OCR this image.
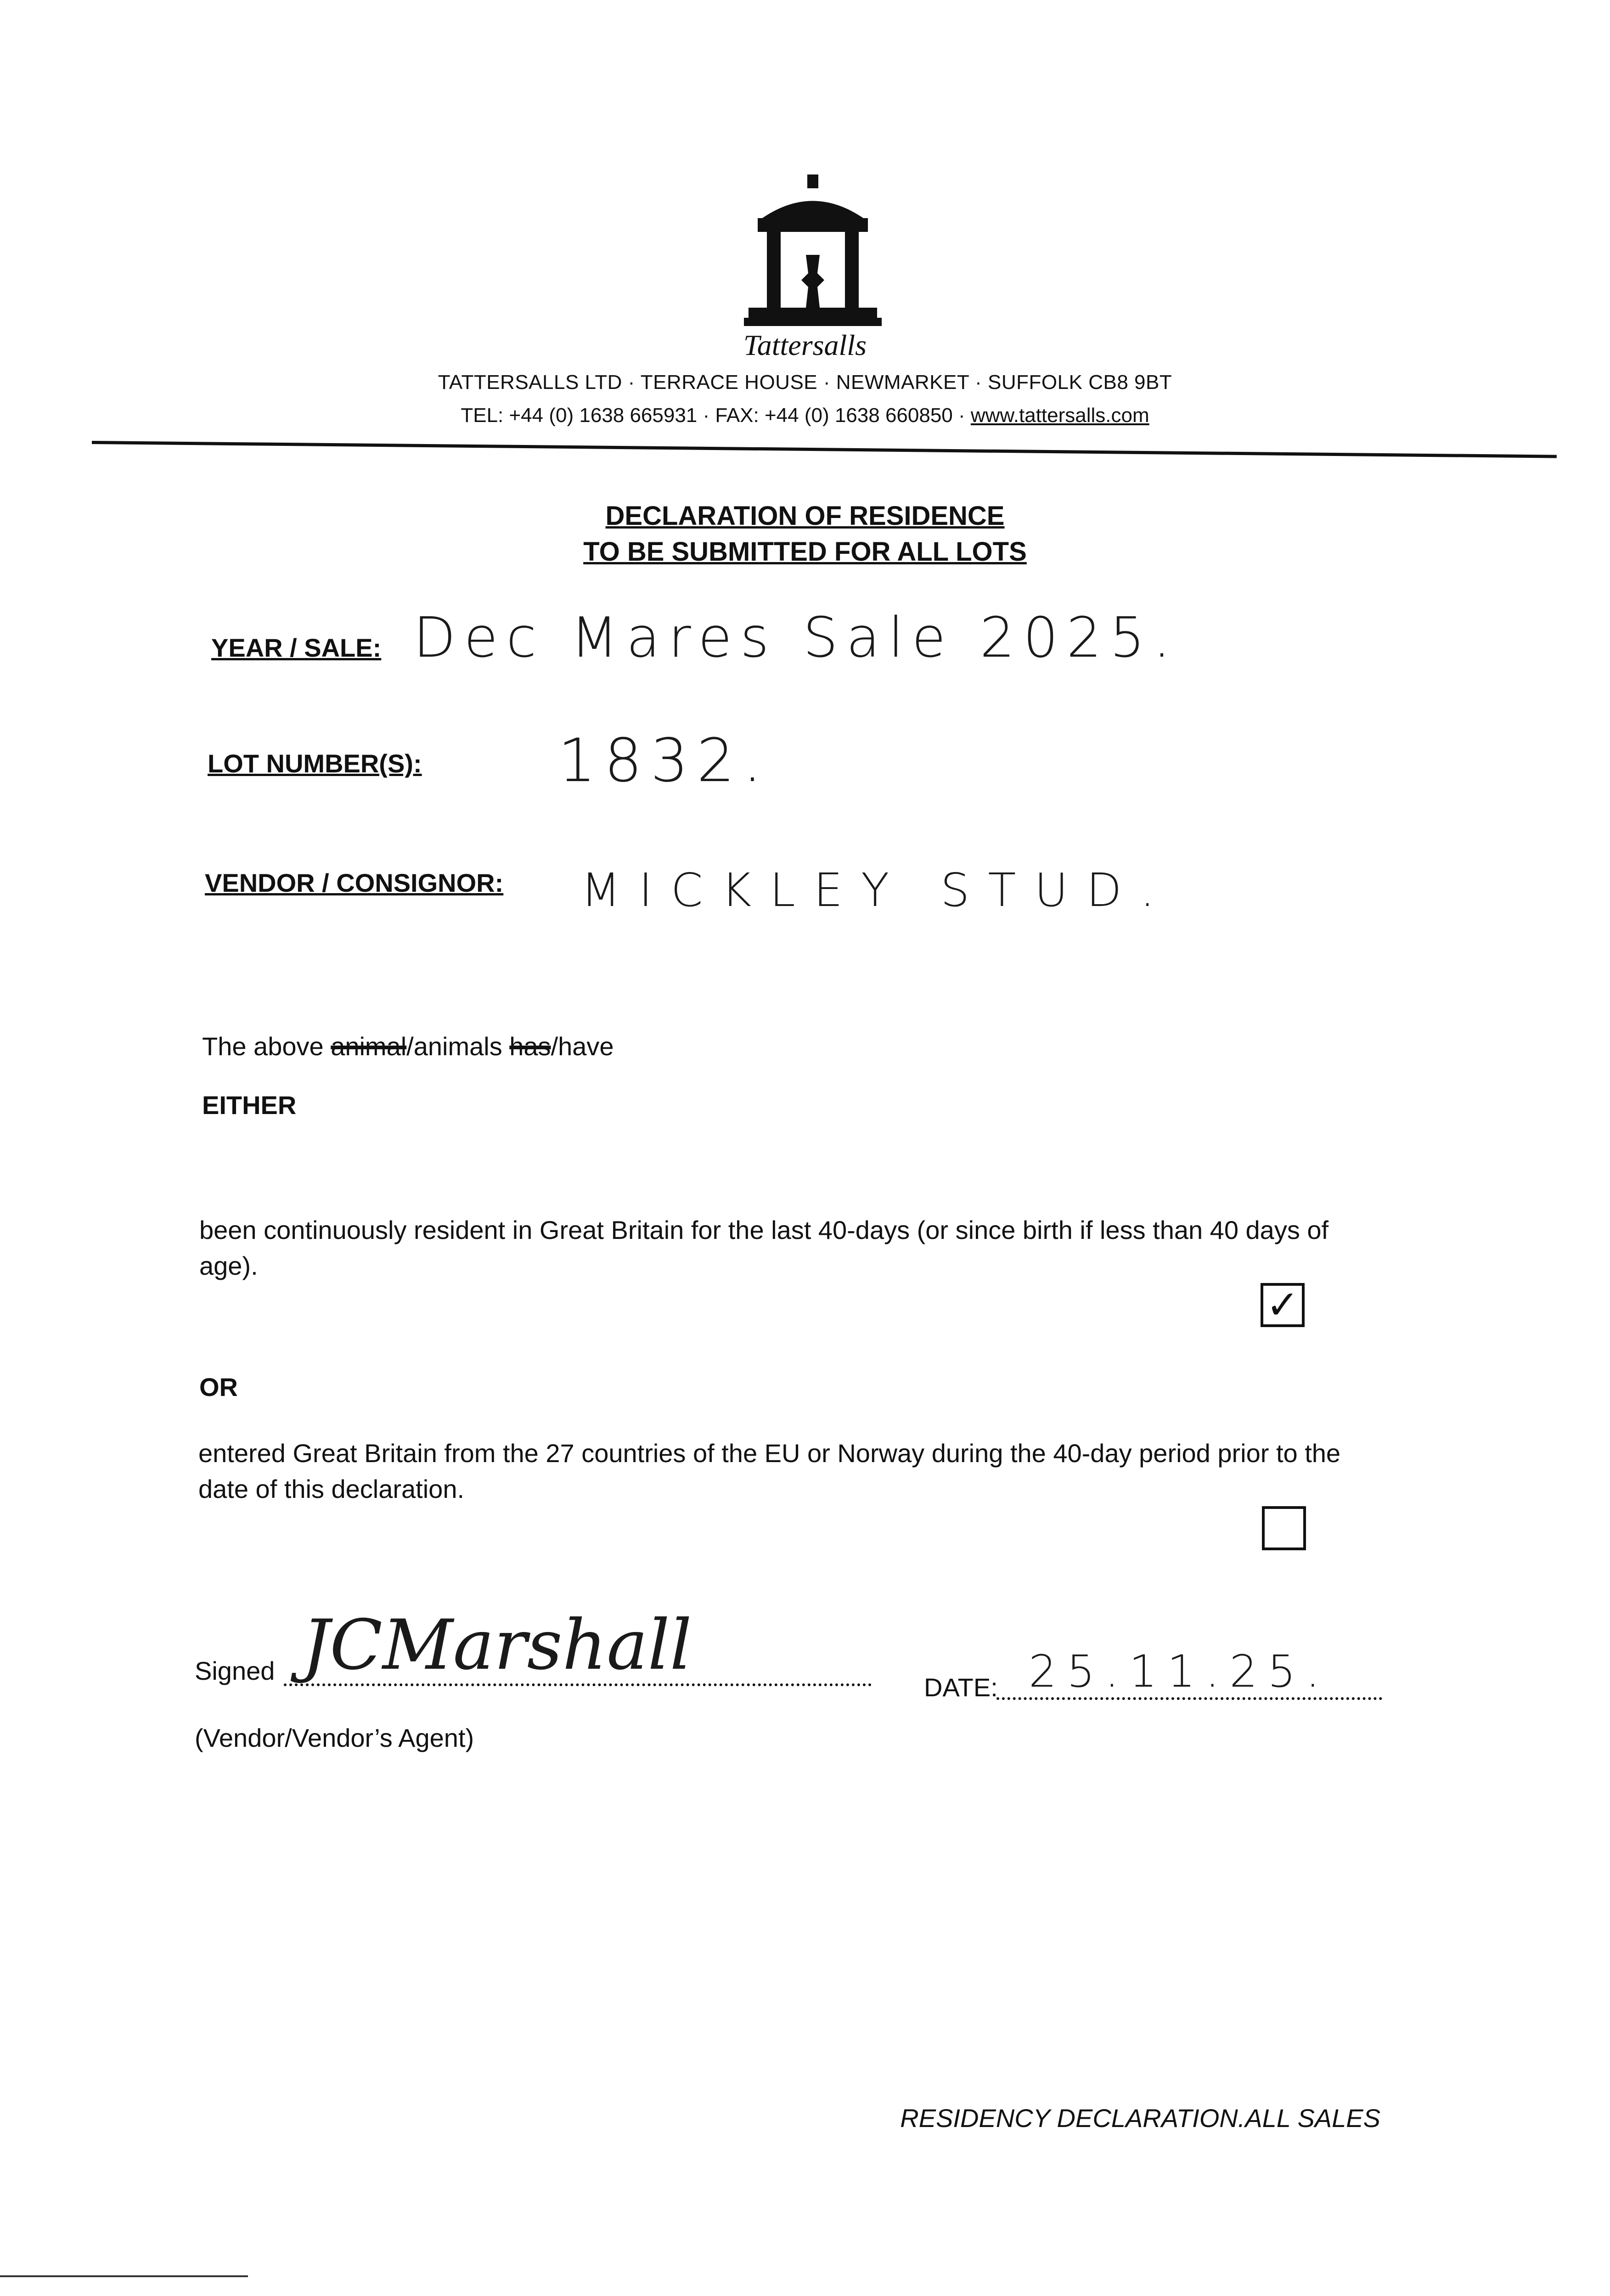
Tattersalls
TATTERSALLS LTD · TERRACE HOUSE · NEWMARKET · SUFFOLK CB8 9BT
TEL: +44 (0) 1638 665931 · FAX: +44 (0) 1638 660850 · www.tattersalls.com
DECLARATION OF RESIDENCE
TO BE SUBMITTED FOR ALL LOTS
YEAR / SALE: Dec Mares Sale 2025.
LOT NUMBER(S): 1832.
VENDOR / CONSIGNOR: MICKLEY STUD.
The above animal/animals has/have
EITHER
been continuously resident in Great Britain for the last 40-days (or since birth if less than 40 days of age).
✓
OR
entered Great Britain from the 27 countries of the EU or Norway during the 40-day period prior to the date of this declaration.
Signed JCMarshall
DATE: 25.11.25.
(Vendor/Vendor’s Agent)
RESIDENCY DECLARATION.ALL SALES
